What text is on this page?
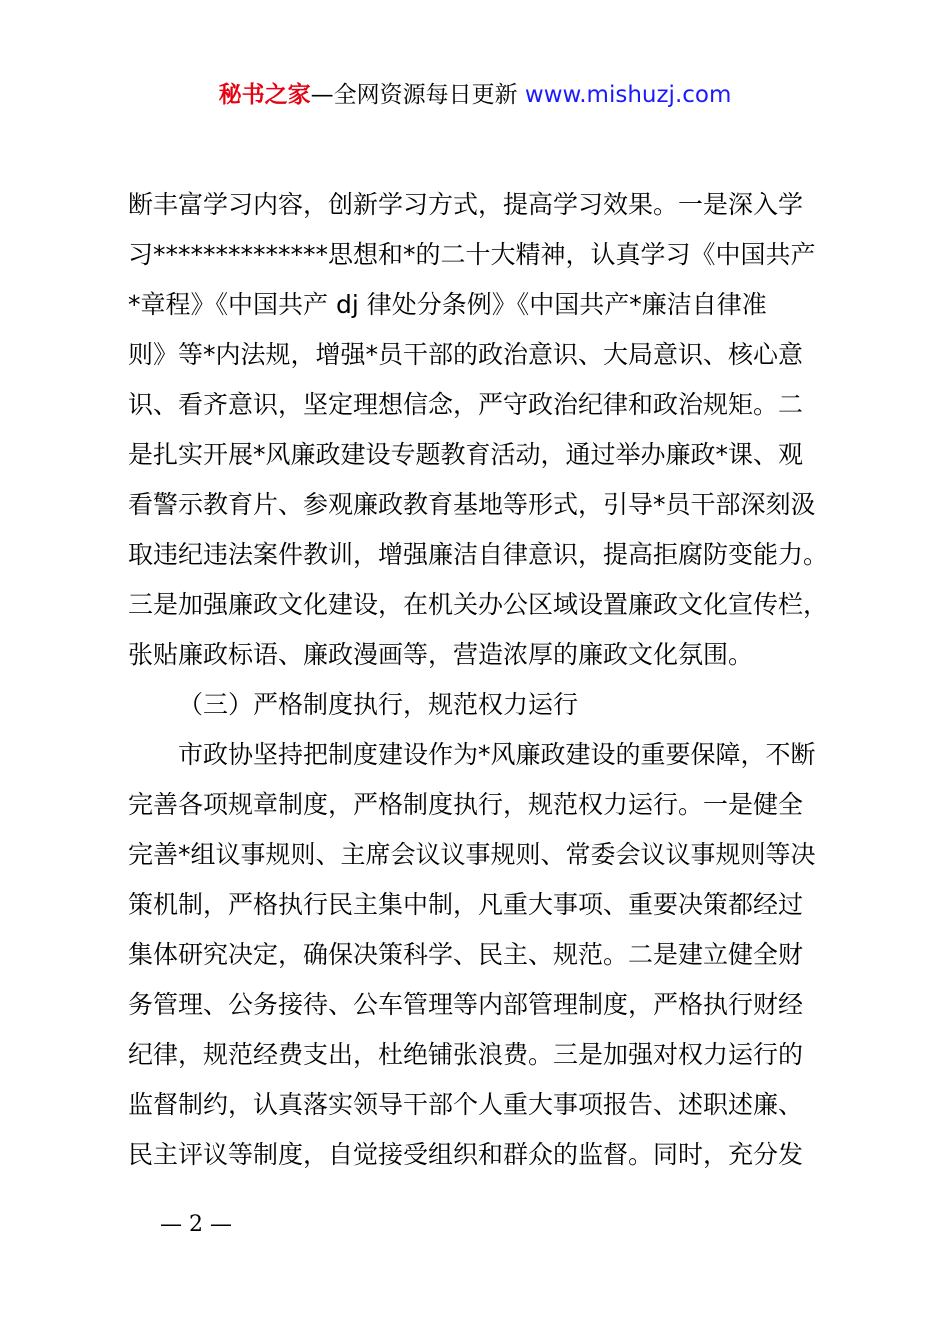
秘书之家—全网资源每日更新 www.mishuzj.com
断丰富学习内容，创新学习方式，提高学习效果。一是深入学
习**************思想和*的二十大精神，认真学习《中国共产
*章程》《中国共产 dj 律处分条例》《中国共产*廉洁自律准
则》等*内法规，增强*员干部的政治意识、大局意识、核心意
识、看齐意识，坚定理想信念，严守政治纪律和政治规矩。二
是扎实开展*风廉政建设专题教育活动，通过举办廉政*课、观
看警示教育片、参观廉政教育基地等形式，引导*员干部深刻汲
取违纪违法案件教训，增强廉洁自律意识，提高拒腐防变能力。
三是加强廉政文化建设，在机关办公区域设置廉政文化宣传栏，
张贴廉政标语、廉政漫画等，营造浓厚的廉政文化氛围。
（三）严格制度执行，规范权力运行
市政协坚持把制度建设作为*风廉政建设的重要保障，不断
完善各项规章制度，严格制度执行，规范权力运行。一是健全
完善*组议事规则、主席会议议事规则、常委会议议事规则等决
策机制，严格执行民主集中制，凡重大事项、重要决策都经过
集体研究决定，确保决策科学、民主、规范。二是建立健全财
务管理、公务接待、公车管理等内部管理制度，严格执行财经
纪律，规范经费支出，杜绝铺张浪费。三是加强对权力运行的
监督制约，认真落实领导干部个人重大事项报告、述职述廉、
民主评议等制度，自觉接受组织和群众的监督。同时，充分发
— 2 —
